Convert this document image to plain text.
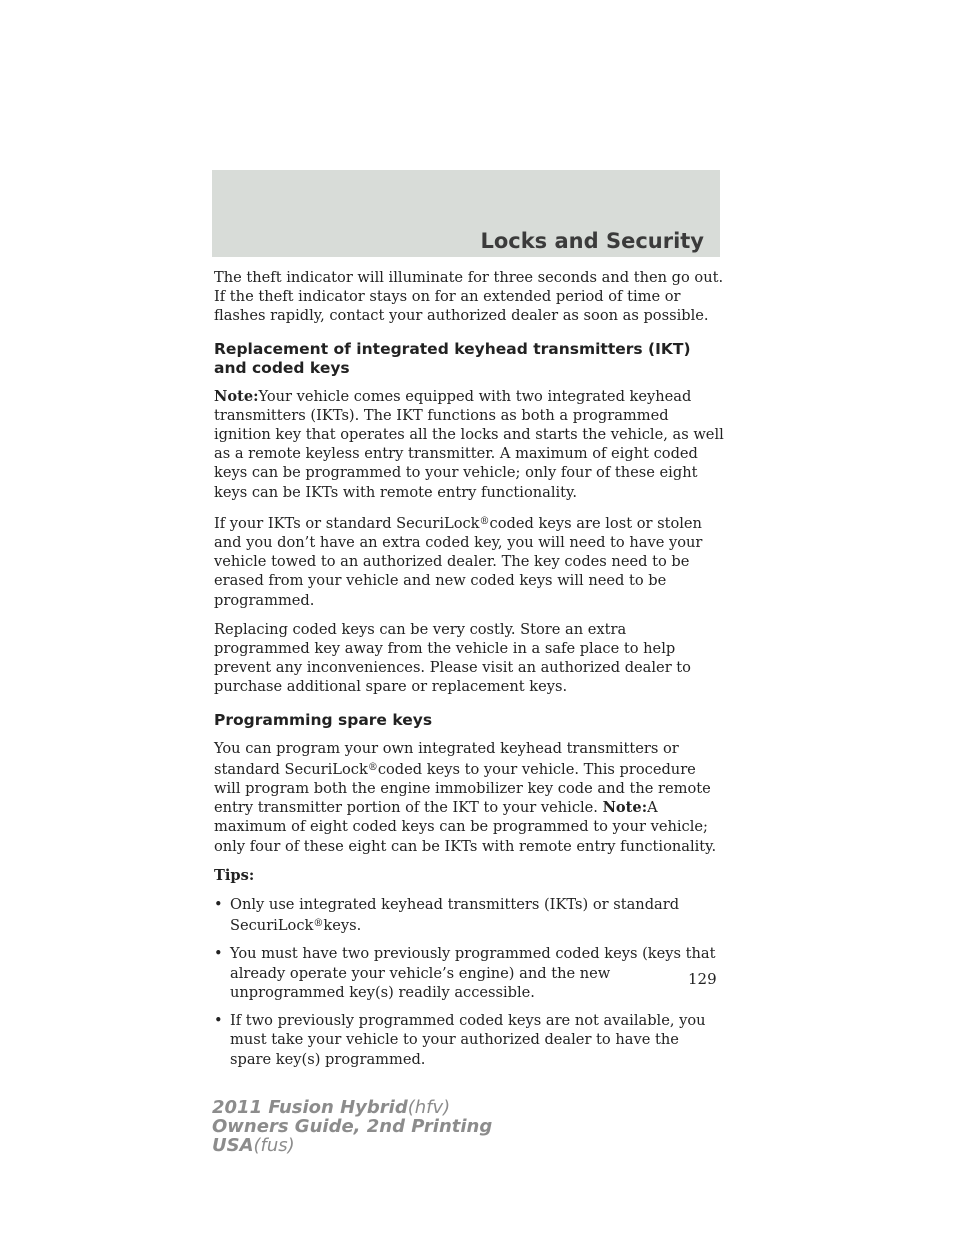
Locks and Security

The theft indicator will illuminate for three seconds and then go out. If the theft indicator stays on for an extended period of time or flashes rapidly, contact your authorized dealer as soon as possible.

Replacement of integrated keyhead transmitters (IKT) and coded keys

Note:Your vehicle comes equipped with two integrated keyhead transmitters (IKTs). The IKT functions as both a programmed ignition key that operates all the locks and starts the vehicle, as well as a remote keyless entry transmitter. A maximum of eight coded keys can be programmed to your vehicle; only four of these eight keys can be IKTs with remote entry functionality.

If your IKTs or standard SecuriLock®coded keys are lost or stolen and you don’t have an extra coded key, you will need to have your vehicle towed to an authorized dealer. The key codes need to be erased from your vehicle and new coded keys will need to be programmed.

Replacing coded keys can be very costly. Store an extra programmed key away from the vehicle in a safe place to help prevent any inconveniences. Please visit an authorized dealer to purchase additional spare or replacement keys.

Programming spare keys

You can program your own integrated keyhead transmitters or standard SecuriLock®coded keys to your vehicle. This procedure will program both the engine immobilizer key code and the remote entry transmitter portion of the IKT to your vehicle. Note:A maximum of eight coded keys can be programmed to your vehicle; only four of these eight can be IKTs with remote entry functionality.

Tips:

• Only use integrated keyhead transmitters (IKTs) or standard SecuriLock®keys.
• You must have two previously programmed coded keys (keys that already operate your vehicle’s engine) and the new unprogrammed key(s) readily accessible.
• If two previously programmed coded keys are not available, you must take your vehicle to your authorized dealer to have the spare key(s) programmed.
129
2011 Fusion Hybrid(hfv)
Owners Guide, 2nd Printing
USA(fus)
